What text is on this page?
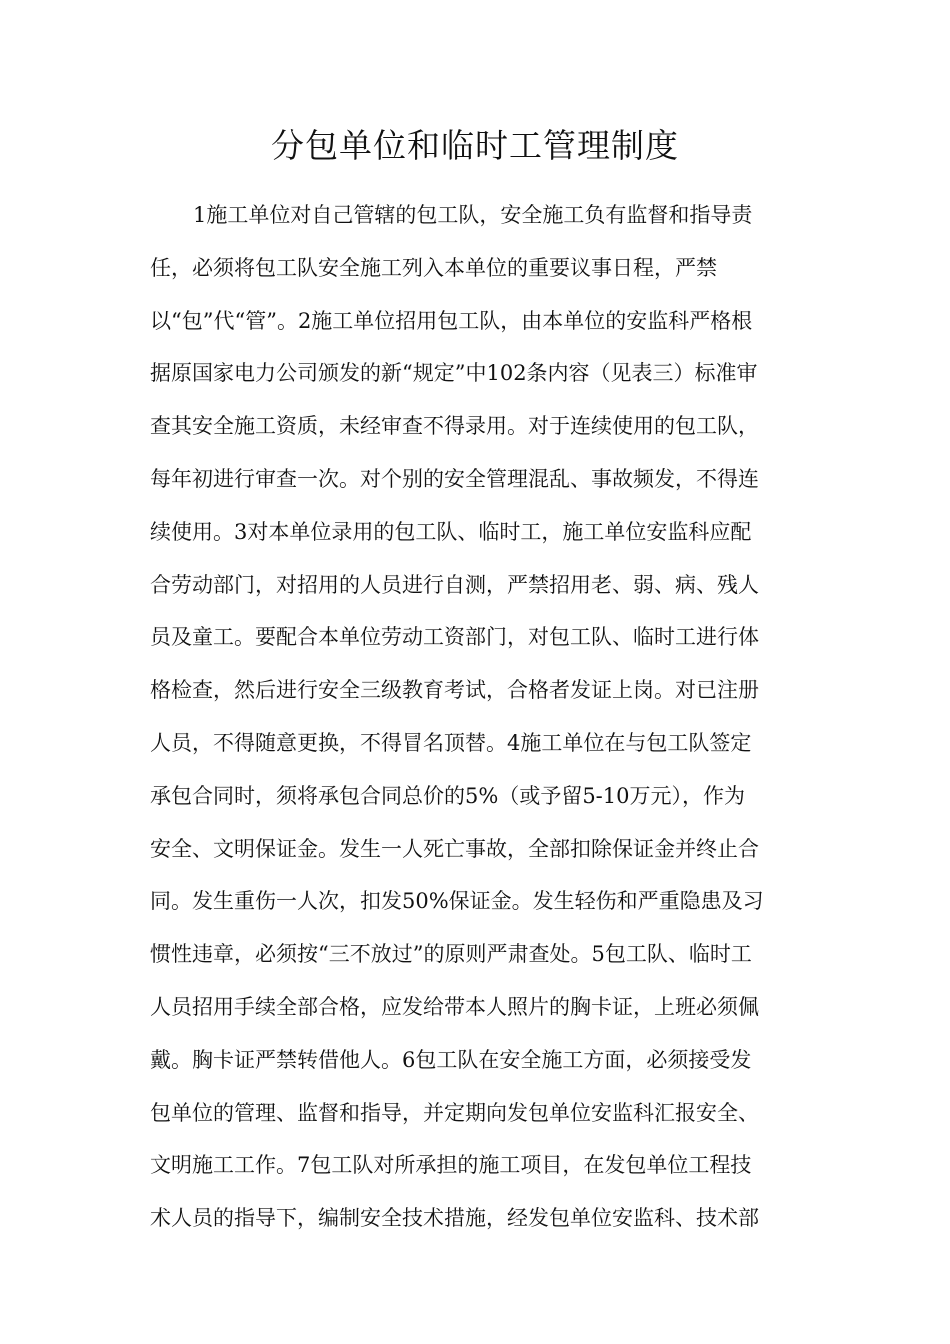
分包单位和临时工管理制度
1施工单位对自己管辖的包工队，安全施工负有监督和指导责
任，必须将包工队安全施工列入本单位的重要议事日程，严禁
以“包”代“管”。2施工单位招用包工队，由本单位的安监科严格根
据原国家电力公司颁发的新“规定”中102条内容（见表三）标准审
查其安全施工资质，未经审查不得录用。对于连续使用的包工队，
每年初进行审查一次。对个别的安全管理混乱、事故频发，不得连
续使用。3对本单位录用的包工队、临时工，施工单位安监科应配
合劳动部门，对招用的人员进行自测，严禁招用老、弱、病、残人
员及童工。要配合本单位劳动工资部门，对包工队、临时工进行体
格检查，然后进行安全三级教育考试，合格者发证上岗。对已注册
人员，不得随意更换，不得冒名顶替。4施工单位在与包工队签定
承包合同时，须将承包合同总价的5%（或予留5-10万元），作为
安全、文明保证金。发生一人死亡事故，全部扣除保证金并终止合
同。发生重伤一人次，扣发50%保证金。发生轻伤和严重隐患及习
惯性违章，必须按“三不放过”的原则严肃查处。5包工队、临时工
人员招用手续全部合格，应发给带本人照片的胸卡证，上班必须佩
戴。胸卡证严禁转借他人。6包工队在安全施工方面，必须接受发
包单位的管理、监督和指导，并定期向发包单位安监科汇报安全、
文明施工工作。7包工队对所承担的施工项目，在发包单位工程技
术人员的指导下，编制安全技术措施，经发包单位安监科、技术部
